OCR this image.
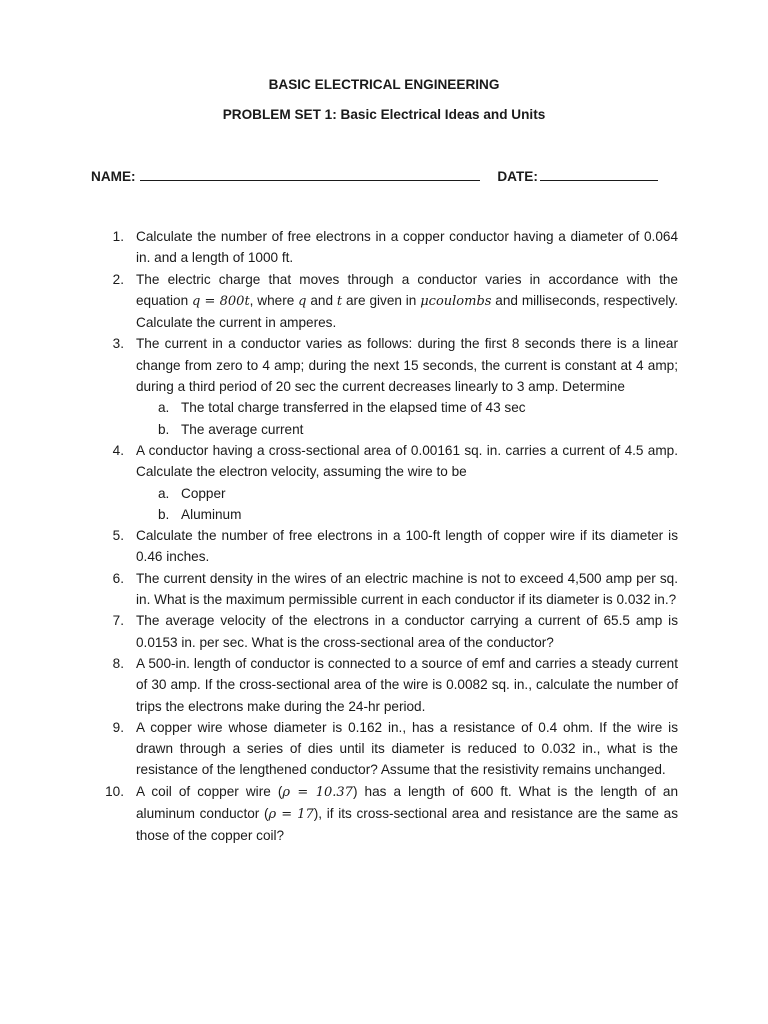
BASIC ELECTRICAL ENGINEERING
PROBLEM SET 1: Basic Electrical Ideas and Units
NAME:	DATE:
1. Calculate the number of free electrons in a copper conductor having a diameter of 0.064 in. and a length of 1000 ft.
2. The electric charge that moves through a conductor varies in accordance with the equation q = 800t, where q and t are given in μcoulombs and milliseconds, respectively. Calculate the current in amperes.
3. The current in a conductor varies as follows: during the first 8 seconds there is a linear change from zero to 4 amp; during the next 15 seconds, the current is constant at 4 amp; during a third period of 20 sec the current decreases linearly to 3 amp. Determine
a. The total charge transferred in the elapsed time of 43 sec
b. The average current
4. A conductor having a cross-sectional area of 0.00161 sq. in. carries a current of 4.5 amp. Calculate the electron velocity, assuming the wire to be
a. Copper
b. Aluminum
5. Calculate the number of free electrons in a 100-ft length of copper wire if its diameter is 0.46 inches.
6. The current density in the wires of an electric machine is not to exceed 4,500 amp per sq. in. What is the maximum permissible current in each conductor if its diameter is 0.032 in.?
7. The average velocity of the electrons in a conductor carrying a current of 65.5 amp is 0.0153 in. per sec. What is the cross-sectional area of the conductor?
8. A 500-in. length of conductor is connected to a source of emf and carries a steady current of 30 amp. If the cross-sectional area of the wire is 0.0082 sq. in., calculate the number of trips the electrons make during the 24-hr period.
9. A copper wire whose diameter is 0.162 in., has a resistance of 0.4 ohm. If the wire is drawn through a series of dies until its diameter is reduced to 0.032 in., what is the resistance of the lengthened conductor? Assume that the resistivity remains unchanged.
10. A coil of copper wire (ρ = 10.37) has a length of 600 ft. What is the length of an aluminum conductor (ρ = 17), if its cross-sectional area and resistance are the same as those of the copper coil?
